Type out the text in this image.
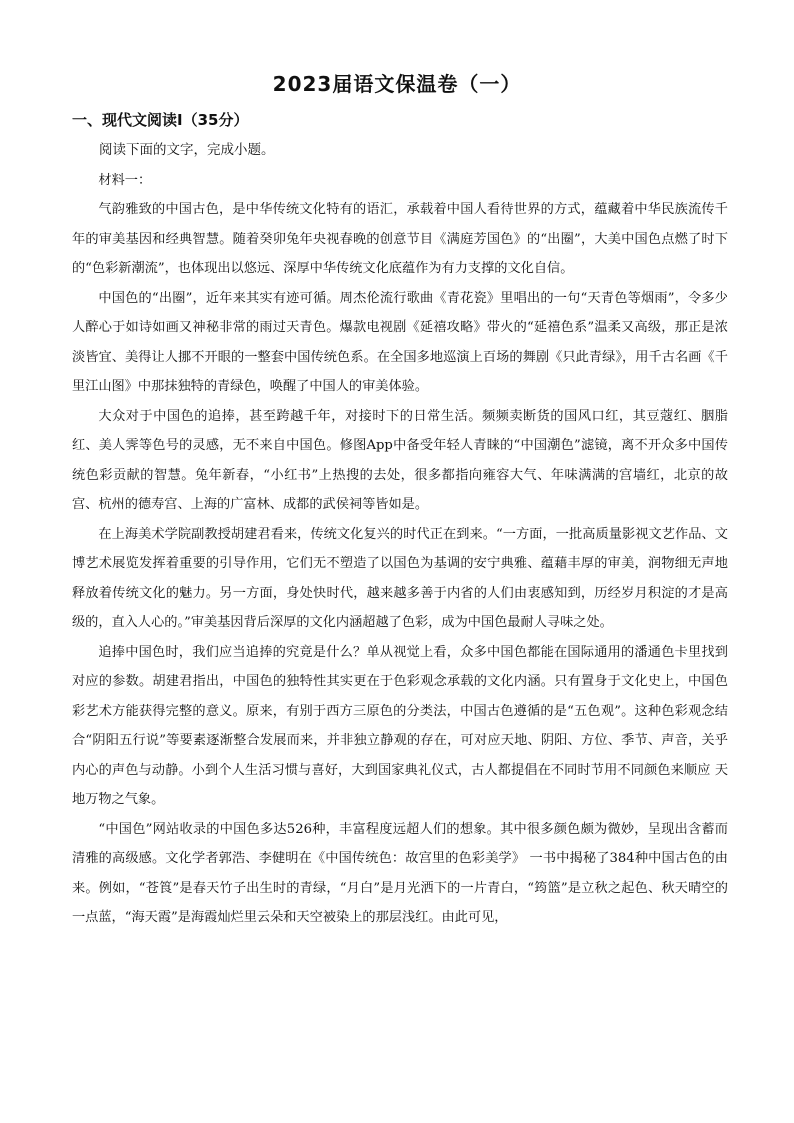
2023届语文保温卷（一）
一、现代文阅读Ⅰ（35分）

阅读下面的文字，完成小题。

材料一：

气韵雅致的中国古色，是中华传统文化特有的语汇，承载着中国人看待世界的方式，蕴藏着中华民族流传千年的审美基因和经典智慧。随着癸卯兔年央视春晚的创意节目《满庭芳国色》的“出圈”，大美中国色点燃了时下的“色彩新潮流”，也体现出以悠远、深厚中华传统文化底蕴作为有力支撑的文化自信。

中国色的“出圈”，近年来其实有迹可循。周杰伦流行歌曲《青花瓷》里唱出的一句“天青色等烟雨”，令多少人醉心于如诗如画又神秘非常的雨过天青色。爆款电视剧《延禧攻略》带火的“延禧色系”温柔又高级，那正是浓淡皆宜、美得让人挪不开眼的一整套中国传统色系。在全国多地巡演上百场的舞剧《只此青绿》，用千古名画《千里江山图》中那抹独特的青绿色，唤醒了中国人的审美体验。

大众对于中国色的追捧，甚至跨越千年，对接时下的日常生活。频频卖断货的国风口红，其豆蔻红、胭脂红、美人霁等色号的灵感，无不来自中国色。修图App中备受年轻人青睐的“中国潮色”滤镜，离不开众多中国传统色彩贡献的智慧。兔年新春，“小红书”上热搜的去处，很多都指向雍容大气、年味满满的宫墙红，北京的故宫、杭州的德寿宫、上海的广富林、成都的武侯祠等皆如是。

在上海美术学院副教授胡建君看来，传统文化复兴的时代正在到来。“一方面，一批高质量影视文艺作品、文博艺术展览发挥着重要的引导作用，它们无不塑造了以国色为基调的安宁典雅、蕴藉丰厚的审美，润物细无声地释放着传统文化的魅力。另一方面，身处快时代，越来越多善于内省的人们由衷感知到，历经岁月积淀的才是高级的，直入人心的。”审美基因背后深厚的文化内涵超越了色彩，成为中国色最耐人寻味之处。

追捧中国色时，我们应当追捧的究竟是什么？单从视觉上看，众多中国色都能在国际通用的潘通色卡里找到对应的参数。胡建君指出，中国色的独特性其实更在于色彩观念承载的文化内涵。只有置身于文化史上，中国色彩艺术方能获得完整的意义。原来，有别于西方三原色的分类法，中国古色遵循的是“五色观”。这种色彩观念结合“阴阳五行说”等要素逐渐整合发展而来，并非独立静观的存在，可对应天地、阴阳、方位、季节、声音，关乎内心的声色与动静。小到个人生活习惯与喜好，大到国家典礼仪式，古人都提倡在不同时节用不同颜色来顺应 天地万物之气象。

“中国色”网站收录的中国色多达526种，丰富程度远超人们的想象。其中很多颜色颇为微妙，呈现出含蓄而清雅的高级感。文化学者郭浩、李健明在《中国传统色：故宫里的色彩美学》 一书中揭秘了384种中国古色的由来。例如，“苍筤”是春天竹子出生时的青绿，“月白”是月光洒下的一片青白，“筠篮”是立秋之起色、秋天晴空的一点蓝，“海天霞”是海霞灿烂里云朵和天空被染上的那层浅红。由此可见，
